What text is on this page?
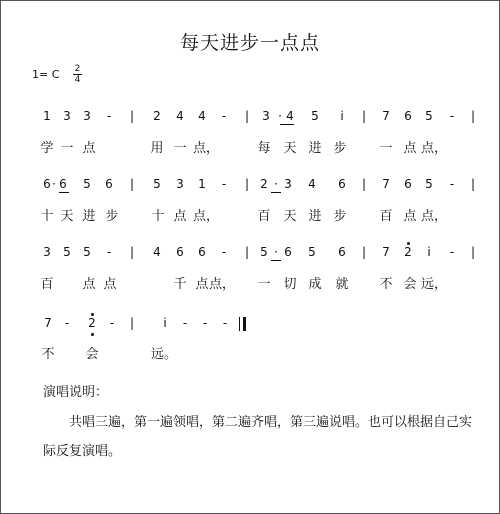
每天进步一点点
1= C 2
4
1 3 3 - | 2 4 4 - | 3 · 4 5 i | 7 6 5 - |
学 一 点	用 一 点，	每 天 进 步	一 点 点，
6 · 6 5 6 | 5 3 1 - | 2 · 3 4 6 | 7 6 5 - |
十 天 进 步	十 点 点，	百 天 进 步	百 点 点，
3 5 5 - | 4 6 6 - | 5 · 6 5 6 | 7 2 i - |
百 点 点	千 点 点， 一 切 成 就 不 会 远，
7 - 2 - | i - - -
不 会	远。
演唱说明：
共唱三遍，第一遍领唱，第二遍齐唱，第三遍说唱。也可以根据自己实际反复演唱。
